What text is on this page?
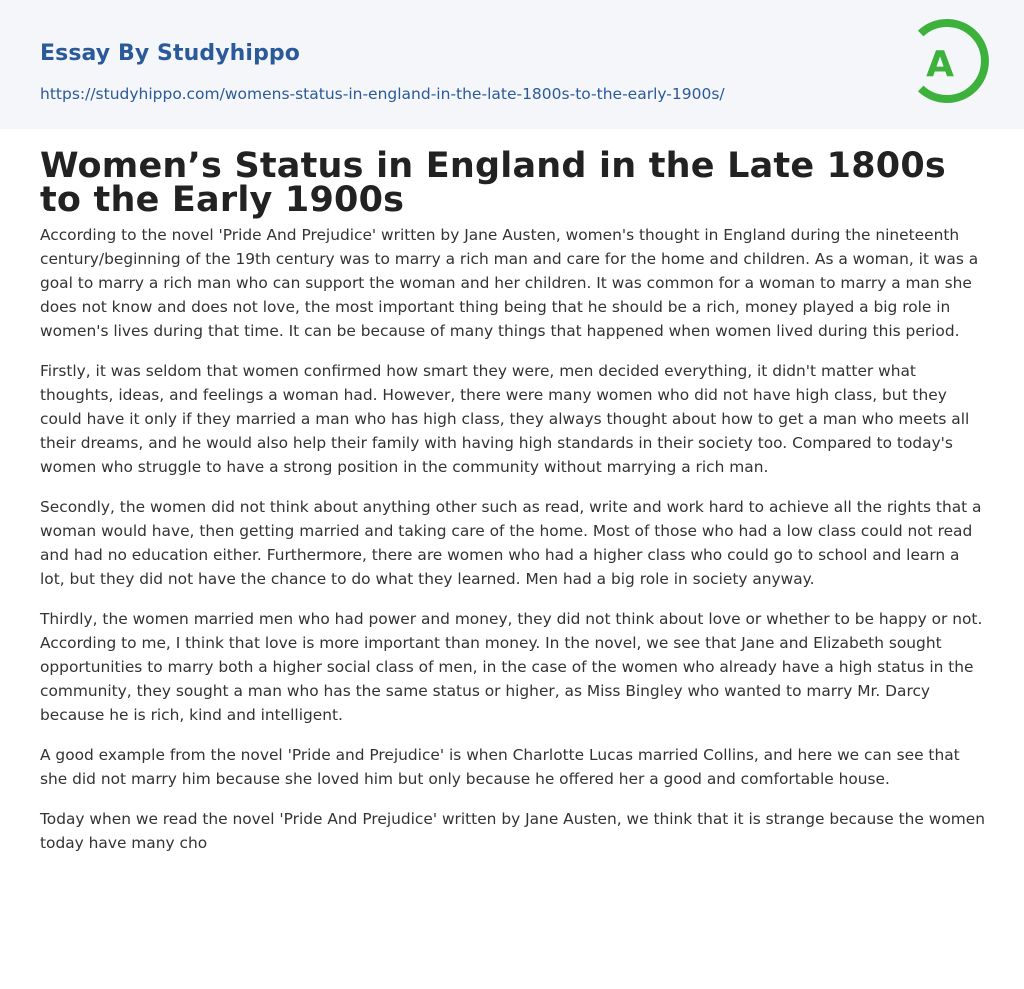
Essay By Studyhippo
https://studyhippo.com/womens-status-in-england-in-the-late-1800s-to-the-early-1900s/
A
Women’s Status in England in the Late 1800s to the Early 1900s

According to the novel 'Pride And Prejudice' written by Jane Austen, women's thought in England during the nineteenth century/beginning of the 19th century was to marry a rich man and care for the home and children. As a woman, it was a goal to marry a rich man who can support the woman and her children. It was common for a woman to marry a man she does not know and does not love, the most important thing being that he should be a rich, money played a big role in women's lives during that time. It can be because of many things that happened when women lived during this period.

Firstly, it was seldom that women confirmed how smart they were, men decided everything, it didn't matter what thoughts, ideas, and feelings a woman had. However, there were many women who did not have high class, but they could have it only if they married a man who has high class, they always thought about how to get a man who meets all their dreams, and he would also help their family with having high standards in their society too. Compared to today's women who struggle to have a strong position in the community without marrying a rich man.

Secondly, the women did not think about anything other such as read, write and work hard to achieve all the rights that a woman would have, then getting married and taking care of the home. Most of those who had a low class could not read and had no education either. Furthermore, there are women who had a higher class who could go to school and learn a lot, but they did not have the chance to do what they learned. Men had a big role in society anyway.

Thirdly, the women married men who had power and money, they did not think about love or whether to be happy or not. According to me, I think that love is more important than money. In the novel, we see that Jane and Elizabeth sought opportunities to marry both a higher social class of men, in the case of the women who already have a high status in the community, they sought a man who has the same status or higher, as Miss Bingley who wanted to marry Mr. Darcy because he is rich, kind and intelligent.

A good example from the novel 'Pride and Prejudice' is when Charlotte Lucas married Collins, and here we can see that she did not marry him because she loved him but only because he offered her a good and comfortable house.

Today when we read the novel 'Pride And Prejudice' written by Jane Austen, we think that it is strange because the women today have many cho
